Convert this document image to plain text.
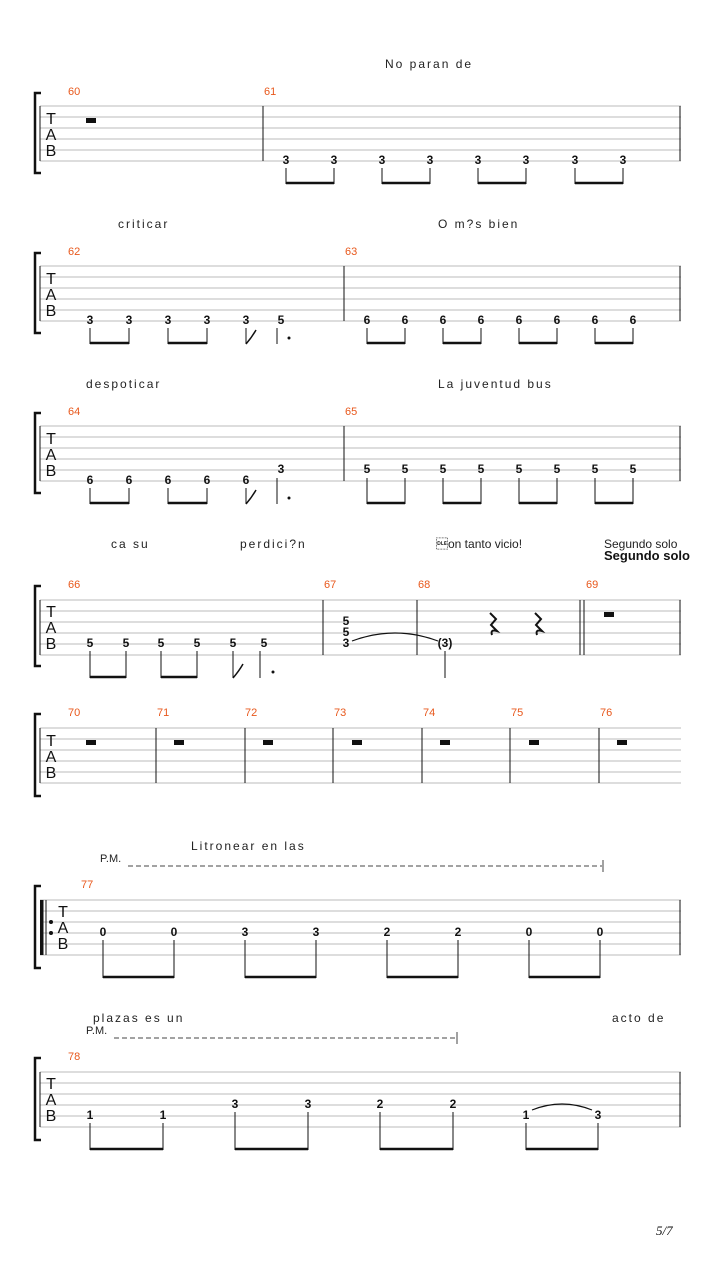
No paran de
60	61
T
A
B	3	3	3	3	3	3	3	3
criticar	O m?s bien
62	63
T
A
B	3	3	3	3	3 5	6	6	6	6	6	6	6	6
despoticar	La juventud bus
64	65
T
A
B	6	6	6	6	6
3	5	5	5	5	5	5	5	5
ca su	perdici?n	on tanto vicio!	Segundo solo
Segundo solo
66	67	68	69
T
A
B	5 5 5 5 5 5
5
5
3	(3)
70	71	72	73	74	75	76
T
A
B
Litronear en las
P.M.
77
T
A
B
0	0	3	3	2	2	0	0
plazas es un	acto de
P.M.
78
T
A
B	1	1
3	3	2	2
1	3
5/7
